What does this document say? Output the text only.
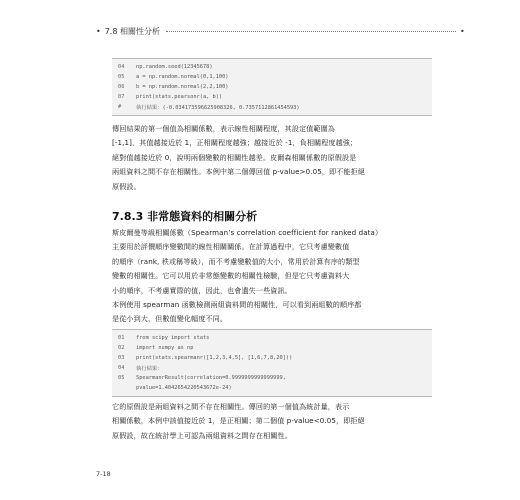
• 7.8 相關性分析	•
04	np.random.seed(12345678)
05	a = np.random.normal(0,1,100)
06	b = np.random.normal(2,2,100)
07	print(stats.pearsonr(a, b))
#	執行結果：(-0.034173596625908326, 0.7357112861454593)
傳回結果的第一個值為相關係數，表示線性相關程度，其設定值範圍為
[-1,1]，其值越接近於 1，正相關程度越強；越接近於 -1，負相關程度越強；
絕對值越接近於 0，說明兩個變數的相關性越差。皮爾森相關係數的原假設是
兩組資料之間不存在相關性。本例中第二個傳回值 p-value>0.05，即不能拒絕
原假設。
7.8.3 非常態資料的相關分析
斯皮爾曼等級相關係數（Spearman’s correlation coefficient for ranked data）
主要用於評價順序變數間的線性相關關係。在計算過程中，它只考慮變數值
的順序（rank, 秩或稱等級），而不考慮變數值的大小，常用於計算有序的類型
變數的相關性。它可以用於非常態變數的相關性檢驗，但是它只考慮資料大
小的順序，不考慮實際的值，因此，也會遺失一些資訊。
本例使用 spearman 函數檢測兩組資料間的相關性，可以看到兩組數的順序都
是從小到大，但數值變化幅度不同。
01	from scipy import stats
02	import numpy as np
03	print(stats.spearmanr([1,2,3,4,5], [1,6,7,8,20]))
04	執行結果：
05	SpearmanrResult(correlation=0.9999999999999999,
pvalue=1.4042654220543672e-24)
它的原假設是兩組資料之間不存在相關性。傳回的第一個值為統計量，表示
相關係數，本例中該值接近於 1，是正相關；第二個值 p-value<0.05，即拒絕
原假設，故在統計學上可認為兩組資料之間存在相關性。
7-18
